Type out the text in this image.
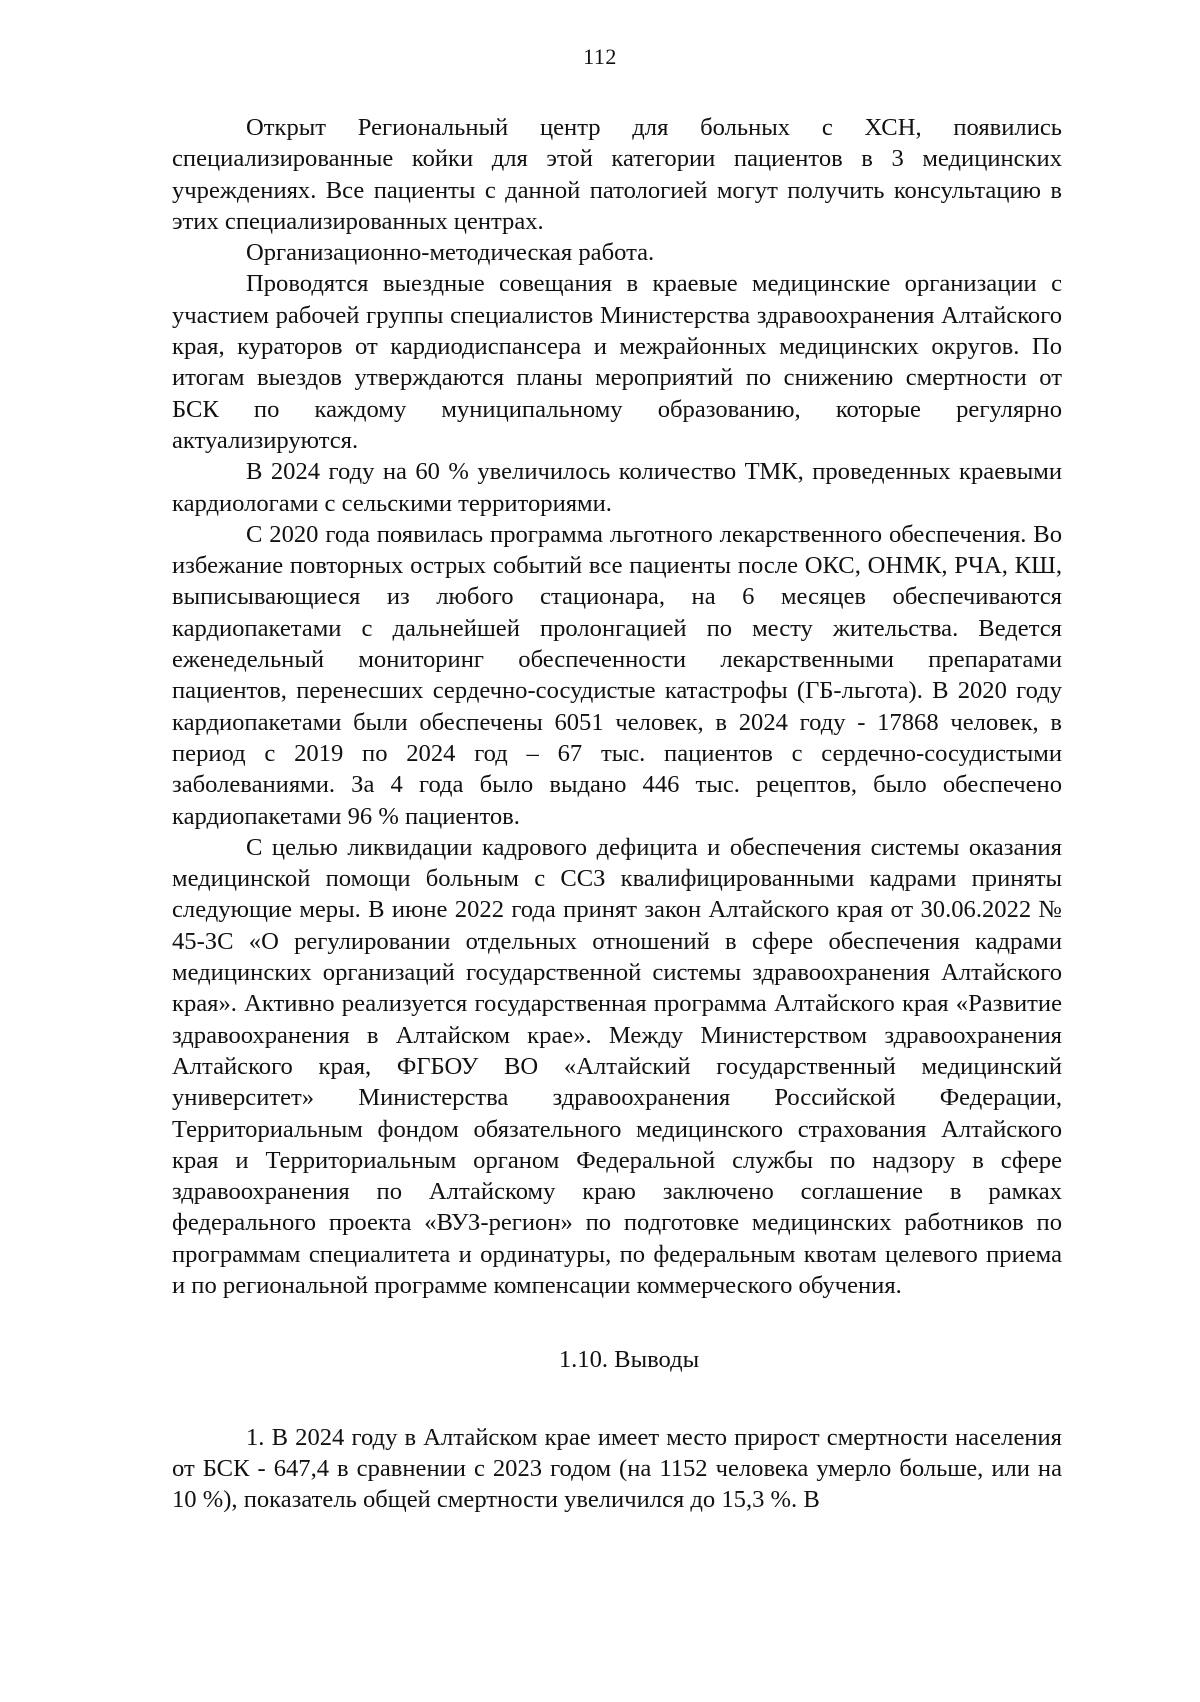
112

Открыт Региональный центр для больных с ХСН, появились специализированные койки для этой категории пациентов в 3 медицинских учреждениях. Все пациенты с данной патологией могут получить консультацию в этих специализированных центрах.

Организационно-методическая работа.

Проводятся выездные совещания в краевые медицинские организации с участием рабочей группы специалистов Министерства здравоохранения Алтайского края, кураторов от кардиодиспансера и межрайонных медицинских округов. По итогам выездов утверждаются планы мероприятий по снижению смертности от БСК по каждому муниципальному образованию, которые регулярно актуализируются.

В 2024 году на 60 % увеличилось количество ТМК, проведенных краевыми кардиологами с сельскими территориями.

С 2020 года появилась программа льготного лекарственного обеспечения. Во избежание повторных острых событий все пациенты после ОКС, ОНМК, РЧА, КШ, выписывающиеся из любого стационара, на 6 месяцев обеспечиваются кардиопакетами с дальнейшей пролонгацией по месту жительства. Ведется еженедельный мониторинг обеспеченности лекарственными препаратами пациентов, перенесших сердечно-сосудистые катастрофы (ГБ-льгота). В 2020 году кардиопакетами были обеспечены 6051 человек, в 2024 году - 17868 человек, в период с 2019 по 2024 год – 67 тыс. пациентов с сердечно-сосудистыми заболеваниями. За 4 года было выдано 446 тыс. рецептов, было обеспечено кардиопакетами 96 % пациентов.

С целью ликвидации кадрового дефицита и обеспечения системы оказания медицинской помощи больным с ССЗ квалифицированными кадрами приняты следующие меры. В июне 2022 года принят закон Алтайского края от 30.06.2022 № 45-ЗС «О регулировании отдельных отношений в сфере обеспечения кадрами медицинских организаций государственной системы здравоохранения Алтайского края». Активно реализуется государственная программа Алтайского края «Развитие здравоохранения в Алтайском крае». Между Министерством здравоохранения Алтайского края, ФГБОУ ВО «Алтайский государственный медицинский университет» Министерства здравоохранения Российской Федерации, Территориальным фондом обязательного медицинского страхования Алтайского края и Территориальным органом Федеральной службы по надзору в сфере здравоохранения по Алтайскому краю заключено соглашение в рамках федерального проекта «ВУЗ-регион» по подготовке медицинских работников по программам специалитета и ординатуры, по федеральным квотам целевого приема и по региональной программе компенсации коммерческого обучения.

1.10. Выводы

1. В 2024 году в Алтайском крае имеет место прирост смертности населения от БСК - 647,4 в сравнении с 2023 годом (на 1152 человека умерло больше, или на 10 %), показатель общей смертности увеличился до 15,3 %. В
